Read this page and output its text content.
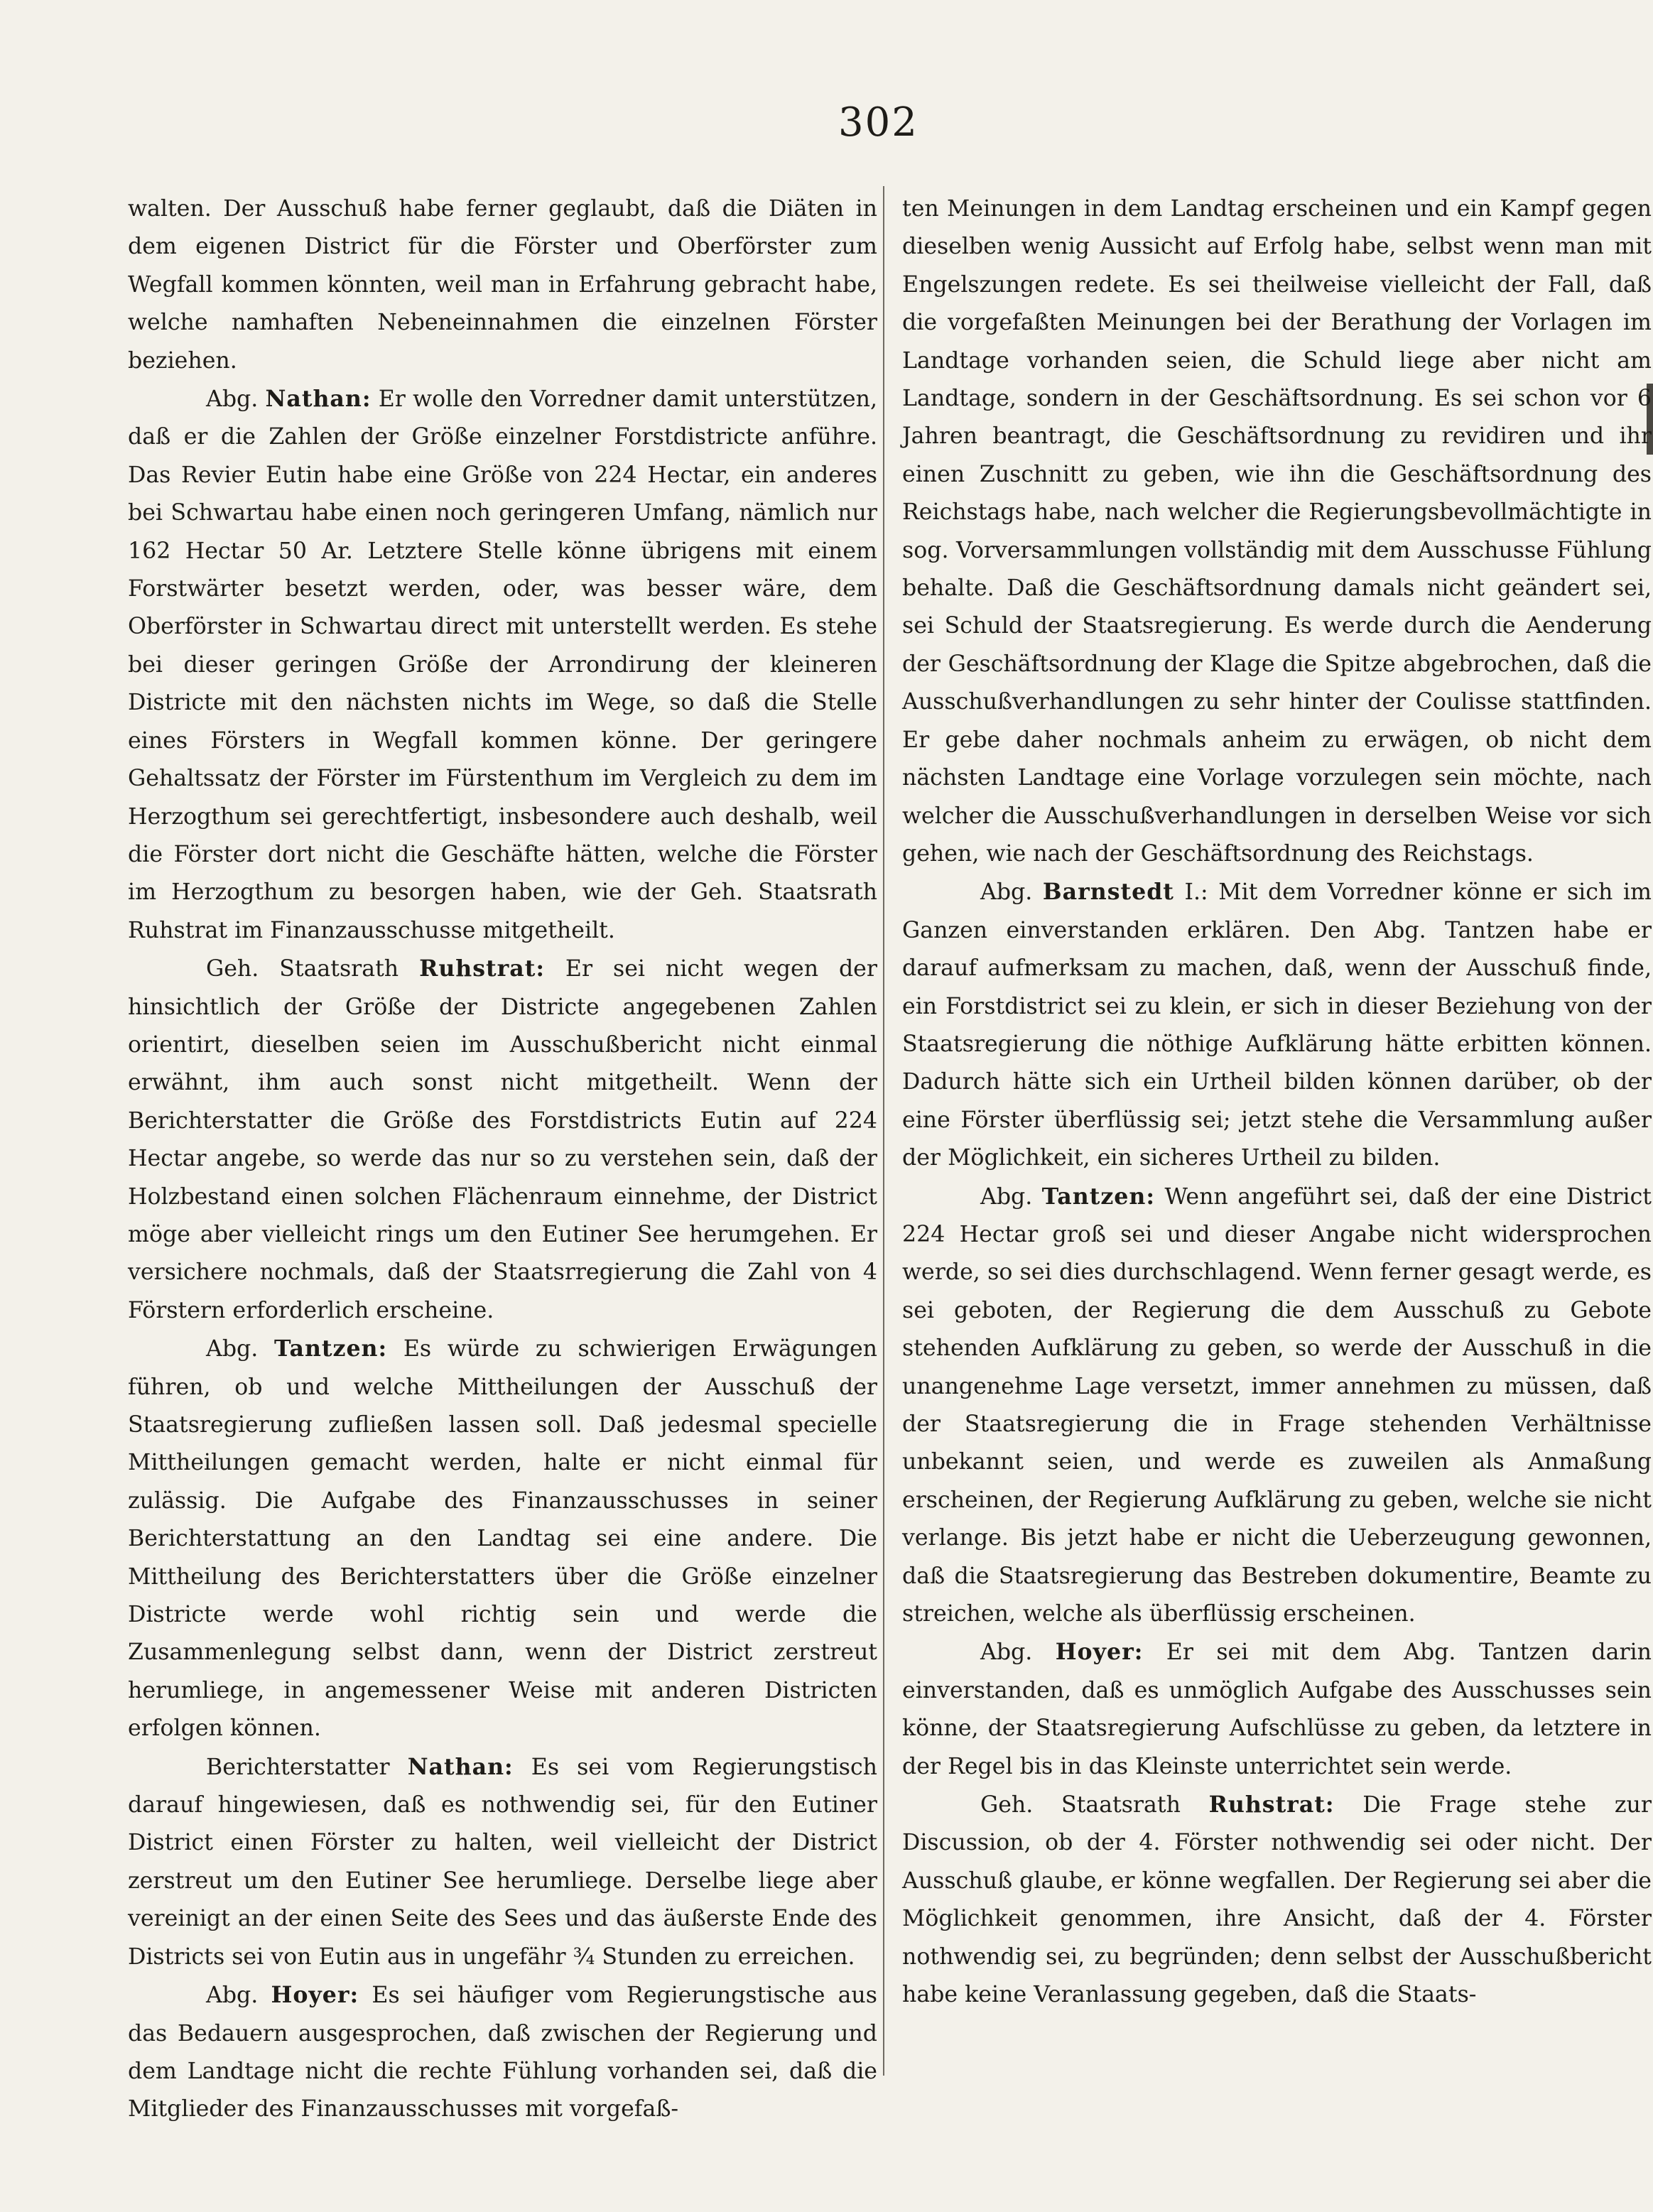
302

walten. Der Ausschuß habe ferner geglaubt, daß die Diäten in dem eigenen District für die Förster und Oberförster zum Wegfall kommen könnten, weil man in Erfahrung gebracht habe, welche namhaften Nebeneinnahmen die einzelnen Förster beziehen.

Abg. Nathan: Er wolle den Vorredner damit unterstützen, daß er die Zahlen der Größe einzelner Forstdistricte anführe. Das Revier Eutin habe eine Größe von 224 Hectar, ein anderes bei Schwartau habe einen noch geringeren Umfang, nämlich nur 162 Hectar 50 Ar. Letztere Stelle könne übrigens mit einem Forstwärter besetzt werden, oder, was besser wäre, dem Oberförster in Schwartau direct mit unterstellt werden. Es stehe bei dieser geringen Größe der Arrondirung der kleineren Districte mit den nächsten nichts im Wege, so daß die Stelle eines Försters in Wegfall kommen könne. Der geringere Gehaltssatz der Förster im Fürstenthum im Vergleich zu dem im Herzogthum sei gerechtfertigt, insbesondere auch deshalb, weil die Förster dort nicht die Geschäfte hätten, welche die Förster im Herzogthum zu besorgen haben, wie der Geh. Staatsrath Ruhstrat im Finanzausschusse mitgetheilt.

Geh. Staatsrath Ruhstrat: Er sei nicht wegen der hinsichtlich der Größe der Districte angegebenen Zahlen orientirt, dieselben seien im Ausschußbericht nicht einmal erwähnt, ihm auch sonst nicht mitgetheilt. Wenn der Berichterstatter die Größe des Forstdistricts Eutin auf 224 Hectar angebe, so werde das nur so zu verstehen sein, daß der Holzbestand einen solchen Flächenraum einnehme, der District möge aber vielleicht rings um den Eutiner See herumgehen. Er versichere nochmals, daß der Staatsrregierung die Zahl von 4 Förstern erforderlich erscheine.

Abg. Tantzen: Es würde zu schwierigen Erwägungen führen, ob und welche Mittheilungen der Ausschuß der Staatsregierung zufließen lassen soll. Daß jedesmal specielle Mittheilungen gemacht werden, halte er nicht einmal für zulässig. Die Aufgabe des Finanzausschusses in seiner Berichterstattung an den Landtag sei eine andere. Die Mittheilung des Berichterstatters über die Größe einzelner Districte werde wohl richtig sein und werde die Zusammenlegung selbst dann, wenn der District zerstreut herumliege, in angemessener Weise mit anderen Districten erfolgen können.

Berichterstatter Nathan: Es sei vom Regierungstisch darauf hingewiesen, daß es nothwendig sei, für den Eutiner District einen Förster zu halten, weil vielleicht der District zerstreut um den Eutiner See herumliege. Derselbe liege aber vereinigt an der einen Seite des Sees und das äußerste Ende des Districts sei von Eutin aus in ungefähr ¾ Stunden zu erreichen.

Abg. Hoyer: Es sei häufiger vom Regierungstische aus das Bedauern ausgesprochen, daß zwischen der Regierung und dem Landtage nicht die rechte Fühlung vorhanden sei, daß die Mitglieder des Finanzausschusses mit vorgefaß-

ten Meinungen in dem Landtag erscheinen und ein Kampf gegen dieselben wenig Aussicht auf Erfolg habe, selbst wenn man mit Engelszungen redete. Es sei theilweise vielleicht der Fall, daß die vorgefaßten Meinungen bei der Berathung der Vorlagen im Landtage vorhanden seien, die Schuld liege aber nicht am Landtage, sondern in der Geschäftsordnung. Es sei schon vor 6 Jahren beantragt, die Geschäftsordnung zu revidiren und ihr einen Zuschnitt zu geben, wie ihn die Geschäftsordnung des Reichstags habe, nach welcher die Regierungsbevollmächtigte in sog. Vorversammlungen vollständig mit dem Ausschusse Fühlung behalte. Daß die Geschäftsordnung damals nicht geändert sei, sei Schuld der Staatsregierung. Es werde durch die Aenderung der Geschäftsordnung der Klage die Spitze abgebrochen, daß die Ausschußverhandlungen zu sehr hinter der Coulisse stattfinden. Er gebe daher nochmals anheim zu erwägen, ob nicht dem nächsten Landtage eine Vorlage vorzulegen sein möchte, nach welcher die Ausschußverhandlungen in derselben Weise vor sich gehen, wie nach der Geschäftsordnung des Reichstags.

Abg. Barnstedt I.: Mit dem Vorredner könne er sich im Ganzen einverstanden erklären. Den Abg. Tantzen habe er darauf aufmerksam zu machen, daß, wenn der Ausschuß finde, ein Forstdistrict sei zu klein, er sich in dieser Beziehung von der Staatsregierung die nöthige Aufklärung hätte erbitten können. Dadurch hätte sich ein Urtheil bilden können darüber, ob der eine Förster überflüssig sei; jetzt stehe die Versammlung außer der Möglichkeit, ein sicheres Urtheil zu bilden.

Abg. Tantzen: Wenn angeführt sei, daß der eine District 224 Hectar groß sei und dieser Angabe nicht widersprochen werde, so sei dies durchschlagend. Wenn ferner gesagt werde, es sei geboten, der Regierung die dem Ausschuß zu Gebote stehenden Aufklärung zu geben, so werde der Ausschuß in die unangenehme Lage versetzt, immer annehmen zu müssen, daß der Staatsregierung die in Frage stehenden Verhältnisse unbekannt seien, und werde es zuweilen als Anmaßung erscheinen, der Regierung Aufklärung zu geben, welche sie nicht verlange. Bis jetzt habe er nicht die Ueberzeugung gewonnen, daß die Staatsregierung das Bestreben dokumentire, Beamte zu streichen, welche als überflüssig erscheinen.

Abg. Hoyer: Er sei mit dem Abg. Tantzen darin einverstanden, daß es unmöglich Aufgabe des Ausschusses sein könne, der Staatsregierung Aufschlüsse zu geben, da letztere in der Regel bis in das Kleinste unterrichtet sein werde.

Geh. Staatsrath Ruhstrat: Die Frage stehe zur Discussion, ob der 4. Förster nothwendig sei oder nicht. Der Ausschuß glaube, er könne wegfallen. Der Regierung sei aber die Möglichkeit genommen, ihre Ansicht, daß der 4. Förster nothwendig sei, zu begründen; denn selbst der Ausschußbericht habe keine Veranlassung gegeben, daß die Staats-
